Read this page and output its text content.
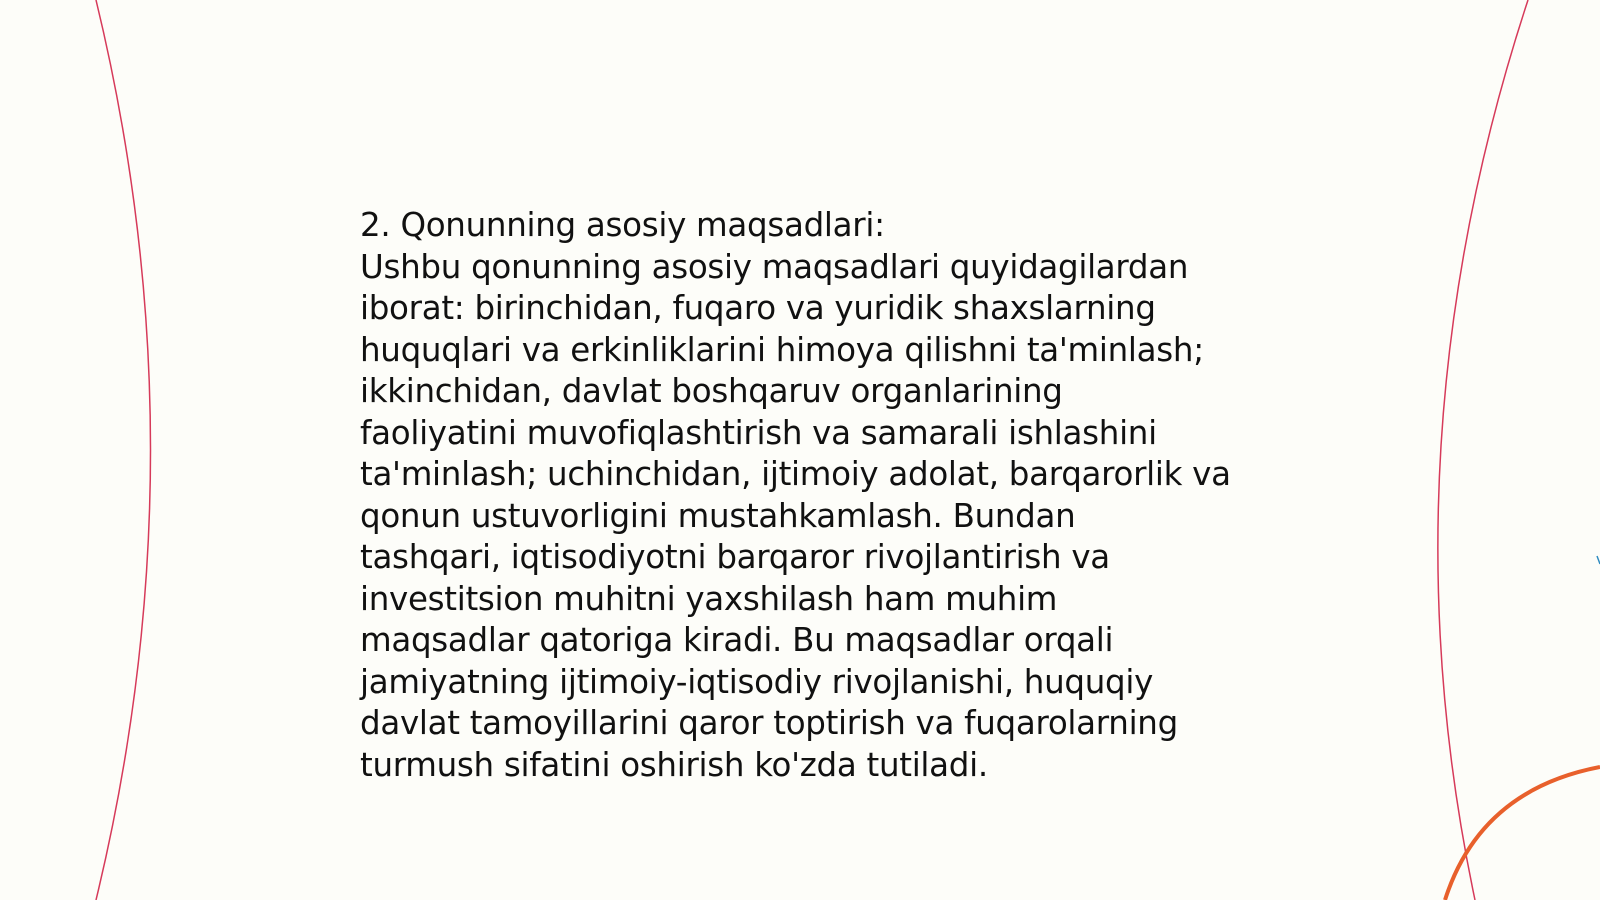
2. Qonunning asosiy maqsadlari:

Ushbu qonunning asosiy maqsadlari quyidagilardan

iborat: birinchidan, fuqaro va yuridik shaxslarning

huquqlari va erkinliklarini himoya qilishni ta'minlash;

ikkinchidan, davlat boshqaruv organlarining

faoliyatini muvofiqlashtirish va samarali ishlashini

ta'minlash; uchinchidan, ijtimoiy adolat, barqarorlik va

qonun ustuvorligini mustahkamlash. Bundan

tashqari, iqtisodiyotni barqaror rivojlantirish va

investitsion muhitni yaxshilash ham muhim

maqsadlar qatoriga kiradi. Bu maqsadlar orqali

jamiyatning ijtimoiy-iqtisodiy rivojlanishi, huquqiy

davlat tamoyillarini qaror toptirish va fuqarolarning

turmush sifatini oshirish ko'zda tutiladi.
